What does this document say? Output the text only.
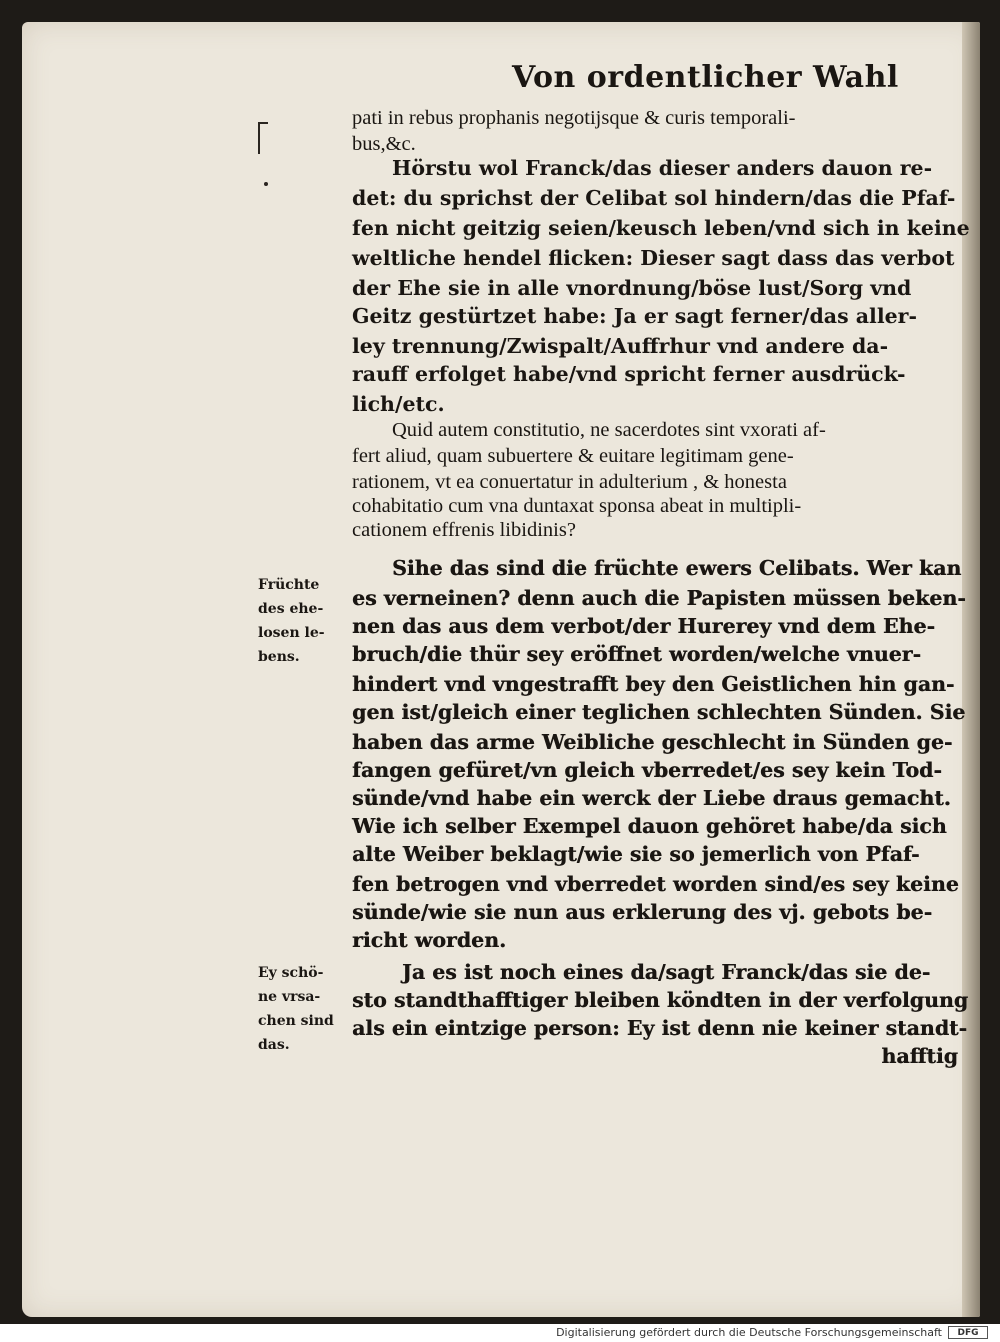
Von ordentlicher Wahl
pati in rebus prophanis negotijsque & curis temporali-
bus,&c.
Hörstu wol Franck/das dieser anders dauon re-
det: du sprichst der Celibat sol hindern/das die Pfaf-
fen nicht geitzig seien/keusch leben/vnd sich in keine
weltliche hendel flicken: Dieser sagt dass das verbot
der Ehe sie in alle vnordnung/böse lust/Sorg vnd
Geitz gestürtzet habe: Ja er sagt ferner/das aller-
ley trennung/Zwispalt/Auffrhur vnd andere da-
rauff erfolget habe/vnd spricht ferner ausdrück-
lich/etc.
Quid autem constitutio, ne sacerdotes sint vxorati af-
fert aliud, quam subuertere & euitare legitimam gene-
rationem, vt ea conuertatur in adulterium , & honesta
cohabitatio cum vna duntaxat sponsa abeat in multipli-
cationem effrenis libidinis?
Sihe das sind die früchte ewers Celibats. Wer kan
es verneinen? denn auch die Papisten müssen beken-
nen das aus dem verbot/der Hurerey vnd dem Ehe-
bruch/die thür sey eröffnet worden/welche vnuer-
hindert vnd vngestrafft bey den Geistlichen hin gan-
gen ist/gleich einer teglichen schlechten Sünden. Sie
haben das arme Weibliche geschlecht in Sünden ge-
fangen gefüret/vn gleich vberredet/es sey kein Tod-
sünde/vnd habe ein werck der Liebe draus gemacht.
Wie ich selber Exempel dauon gehöret habe/da sich
alte Weiber beklagt/wie sie so jemerlich von Pfaf-
fen betrogen vnd vberredet worden sind/es sey keine
sünde/wie sie nun aus erklerung des vj. gebots be-
richt worden.
Ja es ist noch eines da/sagt Franck/das sie de-
sto standthafftiger bleiben köndten in der verfolgung
als ein eintzige person: Ey ist denn nie keiner standt-
hafftig
Früchte
des ehe-
losen le-
bens.
Ey schö-
ne vrsa-
chen sind
das.
Digitalisierung gefördert durch die Deutsche Forschungsgemeinschaft	DFG
